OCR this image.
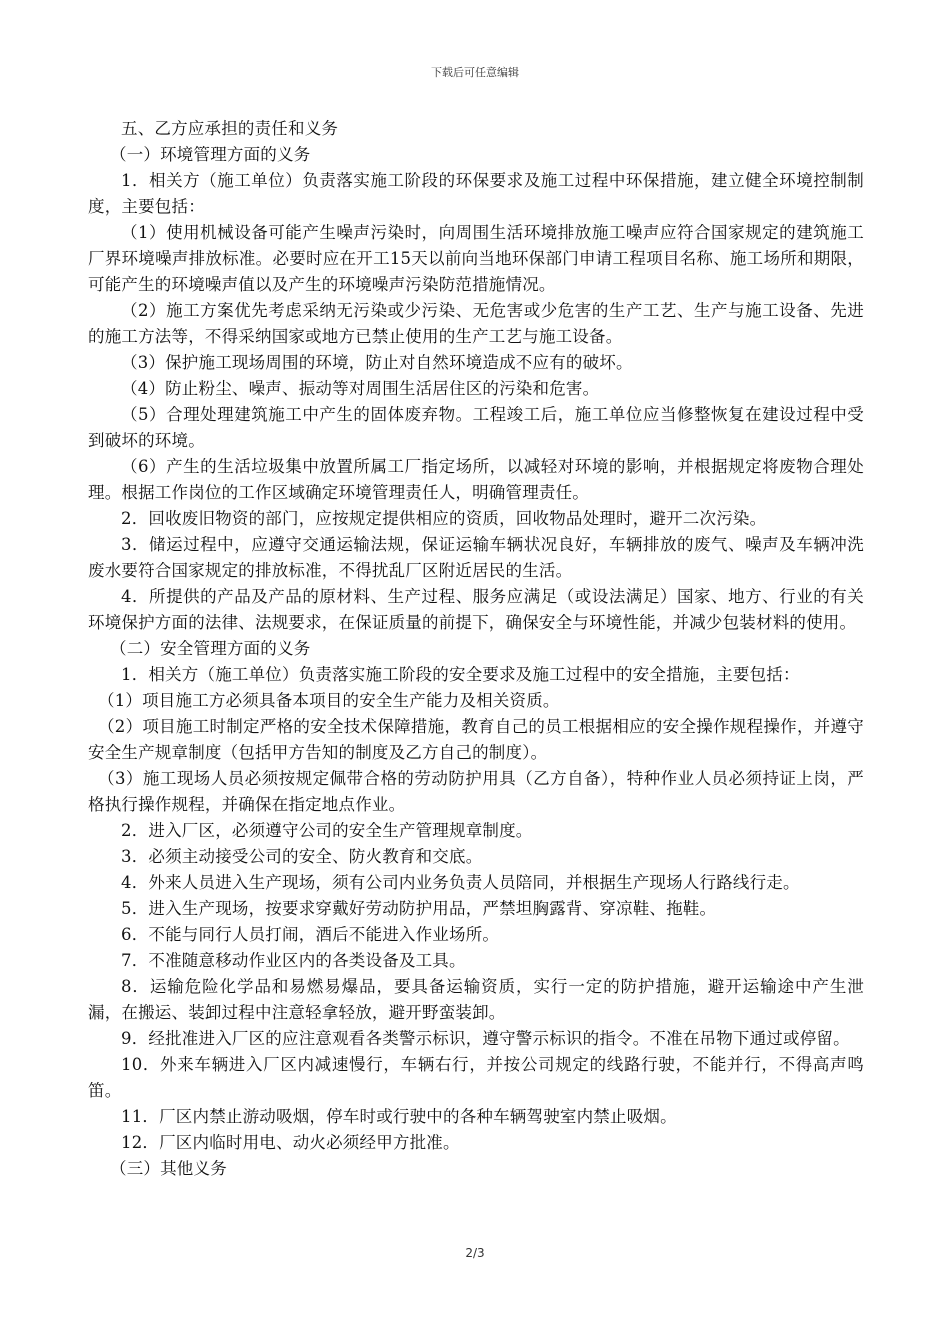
下载后可任意编辑

五、乙方应承担的责任和义务

（一）环境管理方面的义务

1．相关方（施工单位）负责落实施工阶段的环保要求及施工过程中环保措施，建立健全环境控制制度，主要包括：

（1）使用机械设备可能产生噪声污染时，向周围生活环境排放施工噪声应符合国家规定的建筑施工厂界环境噪声排放标准。必要时应在开工15天以前向当地环保部门申请工程项目名称、施工场所和期限，可能产生的环境噪声值以及产生的环境噪声污染防范措施情况。

（2）施工方案优先考虑采纳无污染或少污染、无危害或少危害的生产工艺、生产与施工设备、先进的施工方法等，不得采纳国家或地方已禁止使用的生产工艺与施工设备。

（3）保护施工现场周围的环境，防止对自然环境造成不应有的破坏。

（4）防止粉尘、噪声、振动等对周围生活居住区的污染和危害。

（5）合理处理建筑施工中产生的固体废弃物。工程竣工后，施工单位应当修整恢复在建设过程中受到破坏的环境。

（6）产生的生活垃圾集中放置所属工厂指定场所，以减轻对环境的影响，并根据规定将废物合理处理。根据工作岗位的工作区域确定环境管理责任人，明确管理责任。

2．回收废旧物资的部门，应按规定提供相应的资质，回收物品处理时，避开二次污染。

3．储运过程中，应遵守交通运输法规，保证运输车辆状况良好，车辆排放的废气、噪声及车辆冲洗废水要符合国家规定的排放标准，不得扰乱厂区附近居民的生活。

4．所提供的产品及产品的原材料、生产过程、服务应满足（或设法满足）国家、地方、行业的有关环境保护方面的法律、法规要求，在保证质量的前提下，确保安全与环境性能，并减少包装材料的使用。

（二）安全管理方面的义务

1．相关方（施工单位）负责落实施工阶段的安全要求及施工过程中的安全措施，主要包括：

（1）项目施工方必须具备本项目的安全生产能力及相关资质。

（2）项目施工时制定严格的安全技术保障措施，教育自己的员工根据相应的安全操作规程操作，并遵守安全生产规章制度（包括甲方告知的制度及乙方自己的制度）。

（3）施工现场人员必须按规定佩带合格的劳动防护用具（乙方自备），特种作业人员必须持证上岗，严格执行操作规程，并确保在指定地点作业。

2．进入厂区，必须遵守公司的安全生产管理规章制度。

3．必须主动接受公司的安全、防火教育和交底。

4．外来人员进入生产现场，须有公司内业务负责人员陪同，并根据生产现场人行路线行走。

5．进入生产现场，按要求穿戴好劳动防护用品，严禁坦胸露背、穿凉鞋、拖鞋。

6．不能与同行人员打闹，酒后不能进入作业场所。

7．不准随意移动作业区内的各类设备及工具。

8．运输危险化学品和易燃易爆品，要具备运输资质，实行一定的防护措施，避开运输途中产生泄漏，在搬运、装卸过程中注意轻拿轻放，避开野蛮装卸。

9．经批准进入厂区的应注意观看各类警示标识，遵守警示标识的指令。不准在吊物下通过或停留。

10．外来车辆进入厂区内减速慢行，车辆右行，并按公司规定的线路行驶，不能并行，不得高声鸣笛。

11．厂区内禁止游动吸烟，停车时或行驶中的各种车辆驾驶室内禁止吸烟。

12．厂区内临时用电、动火必须经甲方批准。

（三）其他义务

2/3
